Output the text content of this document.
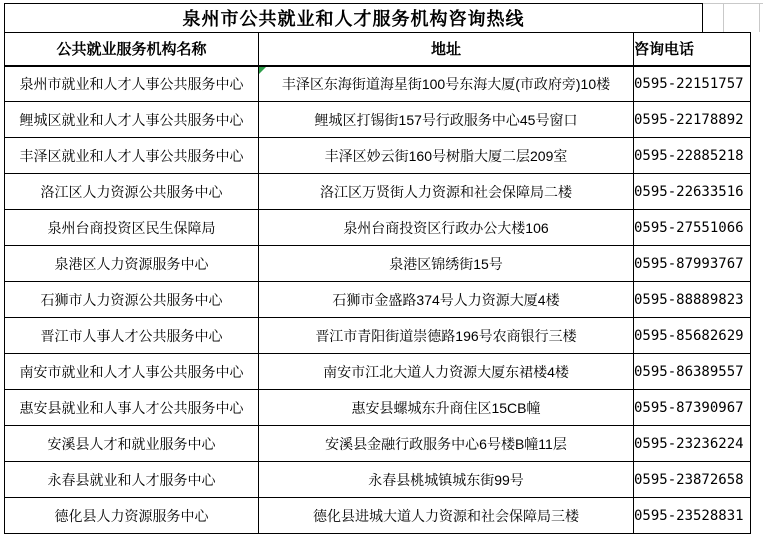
泉州市公共就业和人才服务机构咨询热线
公共就业服务机构名称	地址	咨询电话
泉州市就业和人才人事公共服务中心	丰泽区东海街道海星街100号东海大厦(市政府旁)10楼	0595-22151757
鲤城区就业和人才人事公共服务中心	鲤城区打锡街157号行政服务中心45号窗口	0595-22178892
丰泽区就业和人才人事公共服务中心	丰泽区妙云街160号树脂大厦二层209室	0595-22885218
洛江区人力资源公共服务中心	洛江区万贤街人力资源和社会保障局二楼	0595-22633516
泉州台商投资区民生保障局	泉州台商投资区行政办公大楼106	0595-27551066
泉港区人力资源服务中心	泉港区锦绣街15号	0595-87993767
石狮市人力资源公共服务中心	石狮市金盛路374号人力资源大厦4楼	0595-88889823
晋江市人事人才公共服务中心	晋江市青阳街道崇德路196号农商银行三楼	0595-85682629
南安市就业和人才人事公共服务中心	南安市江北大道人力资源大厦东裙楼4楼	0595-86389557
惠安县就业和人事人才公共服务中心	惠安县螺城东升商住区15CB幢	0595-87390967
安溪县人才和就业服务中心	安溪县金融行政服务中心6号楼B幢11层	0595-23236224
永春县就业和人才服务中心	永春县桃城镇城东街99号	0595-23872658
德化县人力资源服务中心	德化县进城大道人力资源和社会保障局三楼	0595-23528831
